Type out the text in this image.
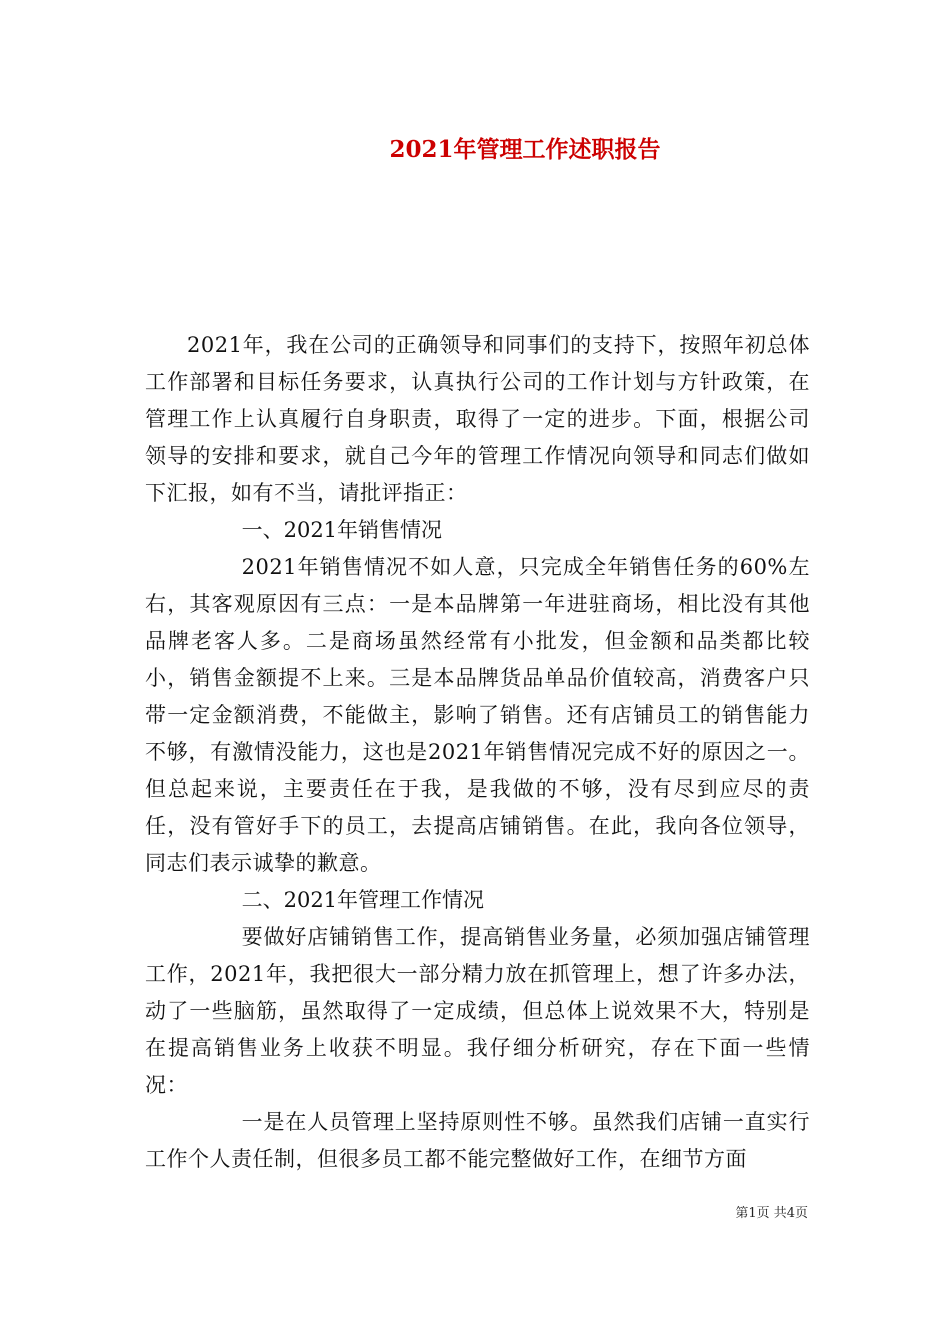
2021年管理工作述职报告

2021年，我在公司的正确领导和同事们的支持下，按照年初总体工作部署和目标任务要求，认真执行公司的工作计划与方针政策，在管理工作上认真履行自身职责，取得了一定的进步。下面，根据公司领导的安排和要求，就自己今年的管理工作情况向领导和同志们做如下汇报，如有不当，请批评指正：

一、2021年销售情况

2021年销售情况不如人意，只完成全年销售任务的60%左右，其客观原因有三点：一是本品牌第一年进驻商场，相比没有其他品牌老客人多。二是商场虽然经常有小批发，但金额和品类都比较小，销售金额提不上来。三是本品牌货品单品价值较高，消费客户只带一定金额消费，不能做主，影响了销售。还有店铺员工的销售能力不够，有激情没能力，这也是2021年销售情况完成不好的原因之一。但总起来说，主要责任在于我，是我做的不够，没有尽到应尽的责任，没有管好手下的员工，去提高店铺销售。在此，我向各位领导，同志们表示诚挚的歉意。

二、2021年管理工作情况

要做好店铺销售工作，提高销售业务量，必须加强店铺管理工作，2021年，我把很大一部分精力放在抓管理上，想了许多办法，动了一些脑筋，虽然取得了一定成绩，但总体上说效果不大，特别是在提高销售业务上收获不明显。我仔细分析研究，存在下面一些情况：

一是在人员管理上坚持原则性不够。虽然我们店铺一直实行工作个人责任制，但很多员工都不能完整做好工作，在细节方面

第1页 共4页
